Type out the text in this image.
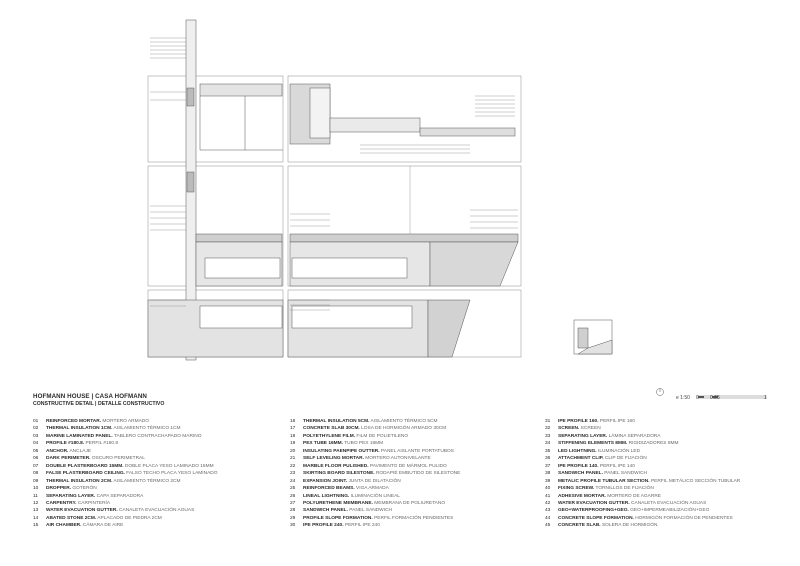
HOFMANN HOUSE | CASA HOFMANN
CONSTRUCTIVE DETAIL | DETALLE CONSTRUCTIVO
e 1:50 0 0.25	1
01 REINFORCED MORTAR. MORTERO ARMADO
02 THERMAL INSULATION 1CM. AISLAMIENTO TÉRMICO 1CM
03 MARINE LAMINATED PANEL. TABLERO CONTRACHAPADO MARINO
04 PROFILE #180.8. PERFIL #180.8
05 ANCHOR. ANCLAJE
06 DARK PERIMETER. OSCURO PERIMETRAL
07 DOUBLE PLASTERBOARD 15MM. DOBLE PLACA YESO LAMINADO 15MM
08 FALSE PLASTERBOARD CEILING. FALSO TECHO PLACA YESO LAMINADO
09 THERMAL INSULATION 2CM. AISLAMIENTO TÉRMICO 2CM
10 DROPPER. GOTERÓN
11 SEPARATING LAYER. CAPA SEPARADORA
12 CARPENTRY. CARPINTERÍA
13 WATER EVACUATION GUTTER. CANALETA EVACUACIÓN AGUAS
14 ABATED STONE 2CM. APLACADO DE PIEDRA 2CM
15 AIR CHAMBER. CÁMARA DE AIRE
16 THERMAL INSULATION 5CM. AISLAMIENTO TÉRMICO 5CM
17 CONCRETE SLAB 30CM. LOSA DE HORMIGÓN ARMADO 30CM
18 POLYETHYLENE FILM. FILM DE POLIETILENO
19 PEX TUBE 16MM. TUBO PEX 16MM
20 INSULATING PAENPIPE OUTTER. PANEL AISLANTE PORTATUBOS
21 SELF LEVELING MORTAR. MORTERO AUTONIVELANTE
22 MARBLE FLOOR PULISHED. PAVIMENTO DE MÁRMOL PULIDO
23 SKIRTING BOARD SILESTONE. RODAPIÉ EMBUTIDO DE SILESTONE
24 EXPANSION JOINT. JUNTA DE DILATACIÓN
25 REINFORCED BEAMS. VIGA ARMADA
26 LINEAL LIGHTNING. ILUMINACIÓN LINEAL
27 POLYURETHENE MEMBRANE. MEMBRANA DE POLIURETANO
28 SANDWICH PANEL. PANEL SANDWICH
29 PROFILE SLOPE FORMATION. PERFIL FORMACIÓN PENDIENTES
30 IPE PROFILE 240. PERFIL IPE 240
31 IPE PROFILE 160. PERFIL IPE 160
32 SCREEN. SCREEN
33 SEPARATING LAYER. LÁMINA SEPARADORA
34 STIFFENING ELEMENTS 8MM. RIGIDIZADORES 8MM
35 LED LIGHTNING. ILUMINACIÓN LED
36 ATTACHMENT CLIP. CLIP DE FIJACIÓN
37 IPE PROFILE 140. PERFIL IPE 140
38 SANDWICH PANEL. PANEL SANDWICH
39 METALIC PROFILE TUBULAR SECTION. PERFIL METÁLICO SECCIÓN TUBULAR
40 FIXING SCREW. TORNILLOS DE FIJACIÓN
41 ADHESIVE MORTAR. MORTERO DE AGARRE
42 WATER EVACUATION GUTTER. CANALETA EVACUACIÓN AGUAS
43 GEO+WATERPROOFING+GEO. GEO+IMPERMEABILIZACIÓN+GEO
44 CONCRETE SLOPE FORMATION. HORMIGÓN FORMACIÓN DE PENDIENTES
45 CONCRETE SLAB. SOLERA DE HORMIGÓN
